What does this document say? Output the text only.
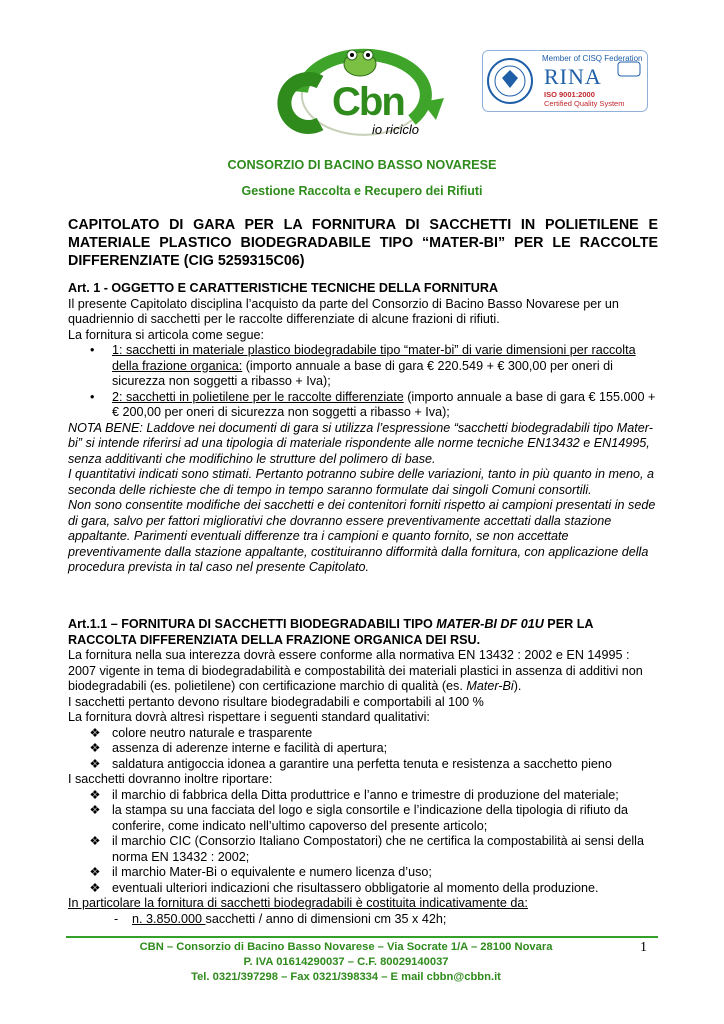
Cbn
io riciclo
Member of CISQ Federation
RINA
ISO 9001:2000
Certified Quality System
CONSORZIO DI BACINO BASSO NOVARESE
Gestione Raccolta e Recupero dei Rifiuti
CAPITOLATO DI GARA PER LA FORNITURA DI SACCHETTI IN POLIETILENE E
MATERIALE PLASTICO BIODEGRADABILE TIPO “MATER-BI” PER LE RACCOLTE
DIFFERENZIATE (CIG 5259315C06)

Art. 1 - OGGETTO E CARATTERISTICHE TECNICHE DELLA FORNITURA

Il presente Capitolato disciplina l’acquisto da parte del Consorzio di Bacino Basso Novarese per un quadriennio di sacchetti per le raccolte differenziate di alcune frazioni di rifiuti.

La fornitura si articola come segue:

• 1: sacchetti in materiale plastico biodegradabile tipo “mater-bi” di varie dimensioni per raccolta della frazione organica: (importo annuale a base di gara € 220.549 + € 300,00 per oneri di sicurezza non soggetti a ribasso + Iva);
• 2: sacchetti in polietilene per le raccolte differenziate (importo annuale a base di gara € 155.000 + € 200,00 per oneri di sicurezza non soggetti a ribasso + Iva);

NOTA BENE: Laddove nei documenti di gara si utilizza l’espressione “sacchetti biodegradabili tipo Mater-bi” si intende riferirsi ad una tipologia di materiale rispondente alle norme tecniche EN13432 e EN14995, senza additivanti che modifichino le strutture del polimero di base.

I quantitativi indicati sono stimati. Pertanto potranno subire delle variazioni, tanto in più quanto in meno, a seconda delle richieste che di tempo in tempo saranno formulate dai singoli Comuni consortili.

Non sono consentite modifiche dei sacchetti e dei contenitori forniti rispetto ai campioni presentati in sede di gara, salvo per fattori migliorativi che dovranno essere preventivamente accettati dalla stazione appaltante. Parimenti eventuali differenze tra i campioni e quanto fornito, se non accettate preventivamente dalla stazione appaltante, costituiranno difformità dalla fornitura, con applicazione della procedura prevista in tal caso nel presente Capitolato.

Art.1.1 – FORNITURA DI SACCHETTI BIODEGRADABILI TIPO MATER-BI DF 01U PER LA RACCOLTA DIFFERENZIATA DELLA FRAZIONE ORGANICA DEI RSU.

La fornitura nella sua interezza dovrà essere conforme alla normativa EN 13432 : 2002 e EN 14995 : 2007 vigente in tema di biodegradabilità e compostabilità dei materiali plastici in assenza di additivi non biodegradabili (es. polietilene) con certificazione marchio di qualità (es. Mater-Bi).

I sacchetti pertanto devono risultare biodegradabili e comportabili al 100 %

La fornitura dovrà altresì rispettare i seguenti standard qualitativi:

❖ colore neutro naturale e trasparente
❖ assenza di aderenze interne e facilità di apertura;
❖ saldatura antigoccia idonea a garantire una perfetta tenuta e resistenza a sacchetto pieno

I sacchetti dovranno inoltre riportare:

❖ il marchio di fabbrica della Ditta produttrice e l’anno e trimestre di produzione del materiale;
❖ la stampa su una facciata del logo e sigla consortile e l’indicazione della tipologia di rifiuto da conferire, come indicato nell’ultimo capoverso del presente articolo;
❖ il marchio CIC (Consorzio Italiano Compostatori) che ne certifica la compostabilità ai sensi della norma EN 13432 : 2002;
❖ il marchio Mater-Bi o equivalente e numero licenza d’uso;
❖ eventuali ulteriori indicazioni che risultassero obbligatorie al momento della produzione.

In particolare la fornitura di sacchetti biodegradabili è costituita indicativamente da:

- n. 3.850.000 sacchetti / anno di dimensioni cm 35 x 42h;

CBN – Consorzio di Bacino Basso Novarese – Via Socrate 1/A – 28100 Novara
P. IVA 01614290037 – C.F. 80029140037
Tel. 0321/397298 – Fax 0321/398334 – E mail cbbn@cbbn.it
1
